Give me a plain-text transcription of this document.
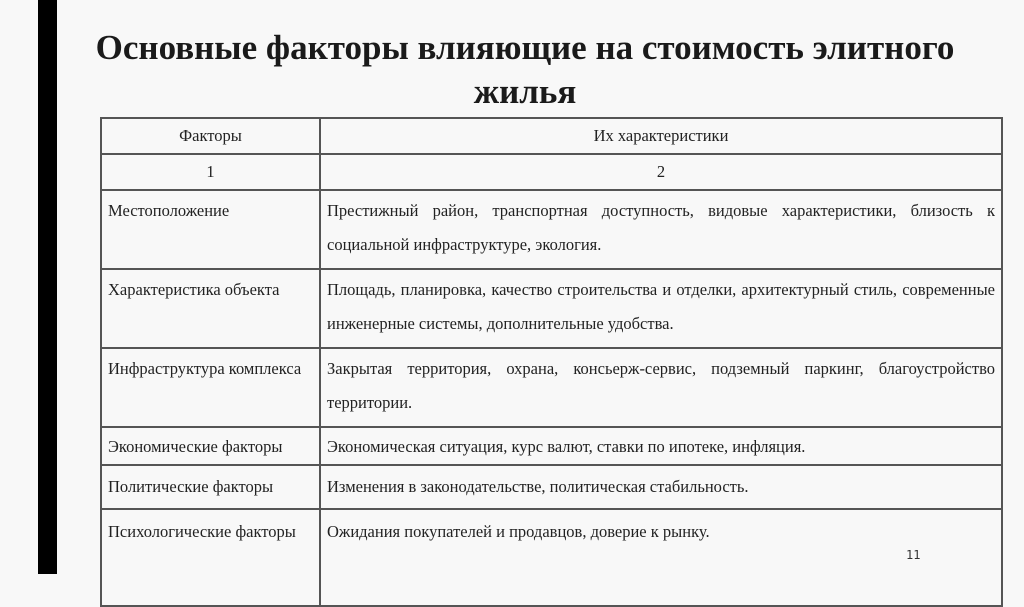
Основные факторы влияющие на стоимость элитного жилья
Факторы	Их характеристики
1	2
Местоположение	Престижный район, транспортная доступность, видовые характеристики, близость к социальной инфраструктуре, экология.
Характеристика объекта	Площадь, планировка, качество строительства и отделки, архитектурный стиль, современные инженерные системы, дополнительные удобства.
Инфраструктура комплекса	Закрытая территория, охрана, консьерж-сервис, подземный паркинг, благоустройство территории.
Экономические факторы	Экономическая ситуация, курс валют, ставки по ипотеке, инфляция.
Политические факторы	Изменения в законодательстве, политическая стабильность.
Психологические факторы	Ожидания покупателей и продавцов, доверие к рынку.
11
